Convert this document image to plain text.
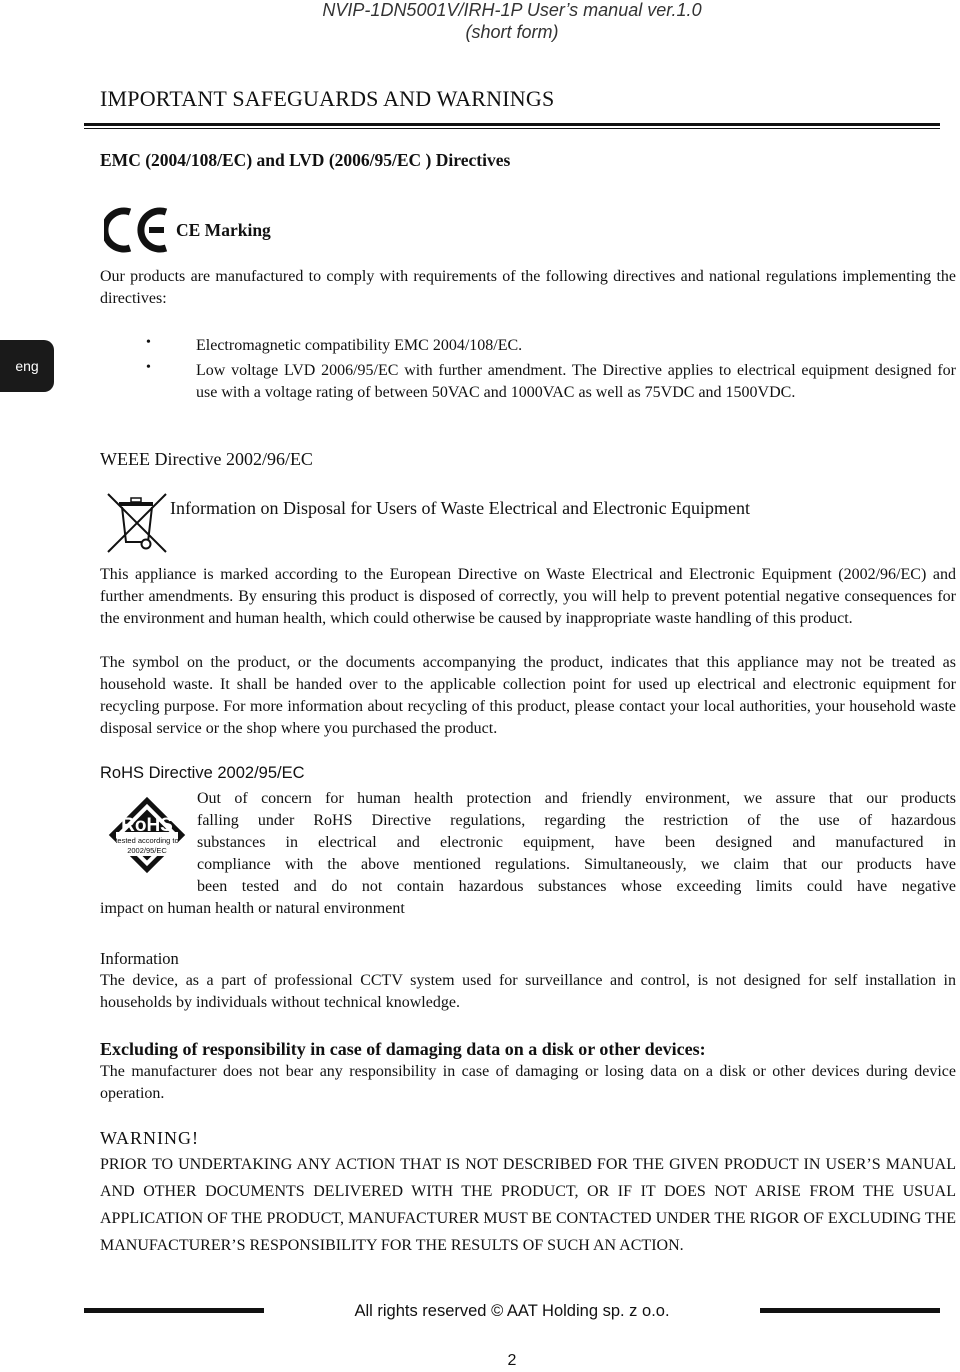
NVIP-1DN5001V/IRH-1P User’s manual ver.1.0
(short form)
eng
IMPORTANT SAFEGUARDS AND WARNINGS
EMC (2004/108/EC) and LVD (2006/95/EC ) Directives
CE Marking
Our products are manufactured to comply with requirements of the following directives and national regulations implementing the directives:
•	Electromagnetic compatibility EMC 2004/108/EC.
•	Low voltage LVD 2006/95/EC with further amendment. The Directive applies to electrical equipment designed for use with a voltage rating of between 50VAC and 1000VAC as well as 75VDC and 1500VDC.
WEEE Directive 2002/96/EC
Information on Disposal for Users of Waste Electrical and Electronic Equipment
This appliance is marked according to the European Directive on Waste Electrical and Electronic Equipment (2002/96/EC) and further amendments. By ensuring this product is disposed of correctly, you will help to prevent potential negative consequences for the environment and human health, which could otherwise be caused by inappropriate waste handling of this product.
The symbol on the product, or the documents accompanying the product, indicates that this appliance may not be treated as household waste. It shall be handed over to the applicable collection point for used up electrical and electronic equipment for recycling purpose. For more information about recycling of this product, please contact your local authorities, your household waste disposal service or the shop where you purchased the product.
RoHS Directive 2002/95/EC
RoHS
tested according to
2002/95/EC
Out of concern for human health protection and friendly environment, we assure that our products
falling under RoHS Directive regulations, regarding the restriction of the use of hazardous
substances in electrical and electronic equipment, have been designed and manufactured in
compliance with the above mentioned regulations. Simultaneously, we claim that our products have
been tested and do not contain hazardous substances whose exceeding limits could have negative
impact on human health or natural environment
Information
The device, as a part of professional CCTV system used for surveillance and control, is not designed for self installation in households by individuals without technical knowledge.
Excluding of responsibility in case of damaging data on a disk or other devices:
The manufacturer does not bear any responsibility in case of damaging or losing data on a disk or other devices during device operation.
WARNING!
PRIOR TO UNDERTAKING ANY ACTION THAT IS NOT DESCRIBED FOR THE GIVEN PRODUCT IN USER’S MANUAL AND OTHER DOCUMENTS DELIVERED WITH THE PRODUCT, OR IF IT DOES NOT ARISE FROM THE USUAL APPLICATION OF THE PRODUCT, MANUFACTURER MUST BE CONTACTED UNDER THE RIGOR OF EXCLUDING THE MANUFACTURER’S RESPONSIBILITY FOR THE RESULTS OF SUCH AN ACTION.
All rights reserved © AAT Holding sp. z o.o.
2
